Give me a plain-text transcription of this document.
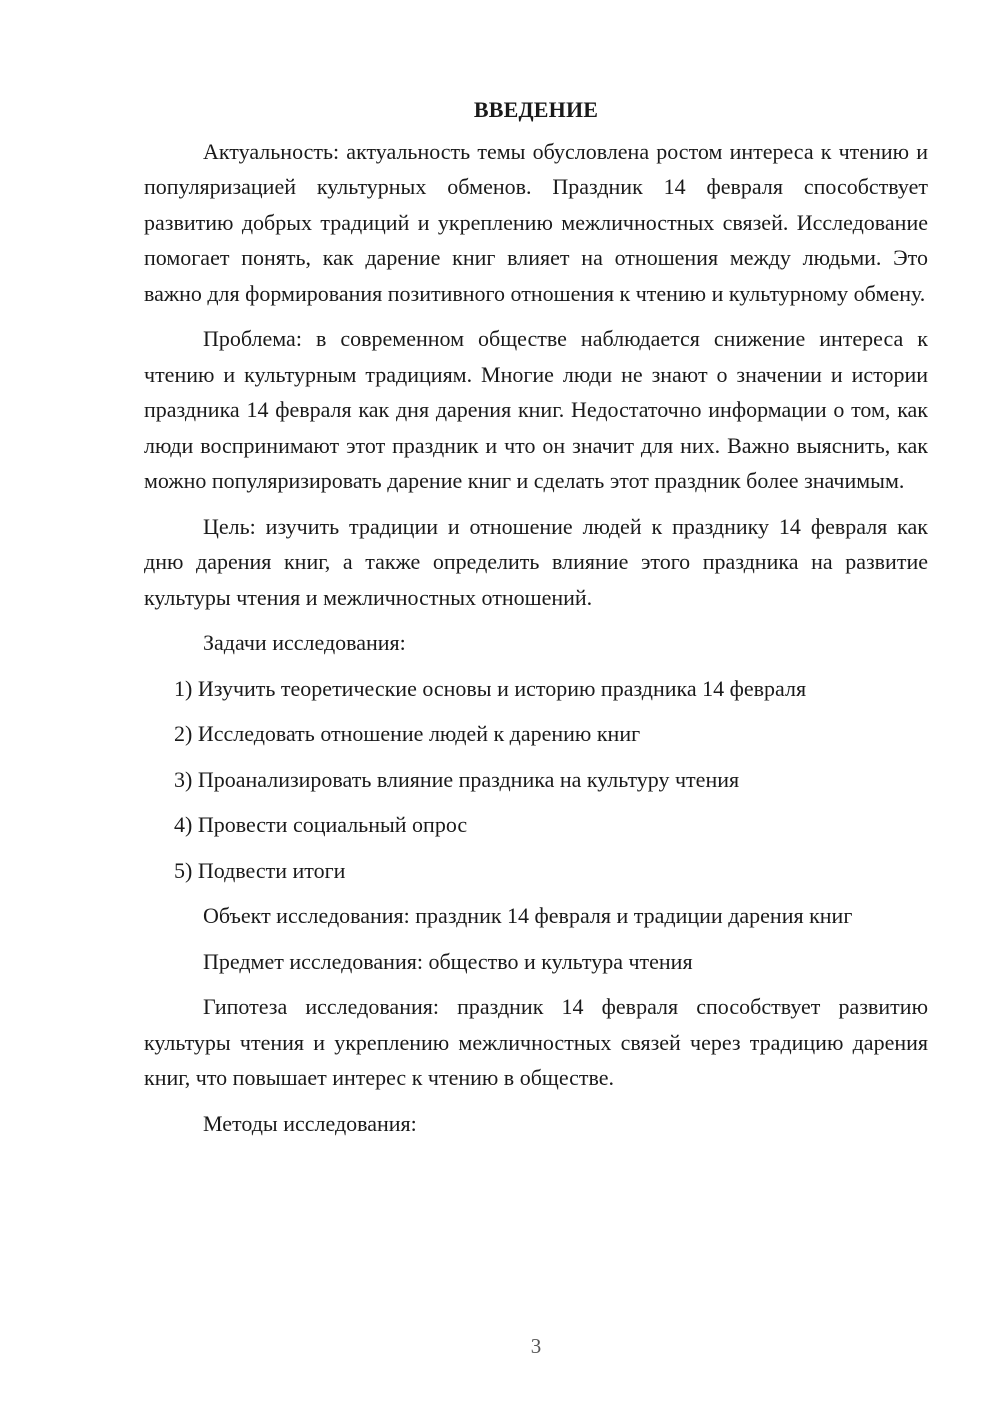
ВВЕДЕНИЕ

Актуальность: актуальность темы обусловлена ростом интереса к чтению и популяризацией культурных обменов. Праздник 14 февраля способствует развитию добрых традиций и укреплению межличностных связей. Исследование помогает понять, как дарение книг влияет на отношения между людьми. Это важно для формирования позитивного отношения к чтению и культурному обмену.

Проблема: в современном обществе наблюдается снижение интереса к чтению и культурным традициям. Многие люди не знают о значении и истории праздника 14 февраля как дня дарения книг. Недостаточно информации о том, как люди воспринимают этот праздник и что он значит для них. Важно выяснить, как можно популяризировать дарение книг и сделать этот праздник более значимым.

Цель: изучить традиции и отношение людей к празднику 14 февраля как дню дарения книг, а также определить влияние этого праздника на развитие культуры чтения и межличностных отношений.

Задачи исследования:
1) Изучить теоретические основы и историю праздника 14 февраля
2) Исследовать отношение людей к дарению книг
3) Проанализировать влияние праздника на культуру чтения
4) Провести социальный опрос
5) Подвести итоги

Объект исследования: праздник 14 февраля и традиции дарения книг

Предмет исследования: общество и культура чтения

Гипотеза исследования: праздник 14 февраля способствует развитию культуры чтения и укреплению межличностных связей через традицию дарения книг, что повышает интерес к чтению в обществе.

Методы исследования:

3
